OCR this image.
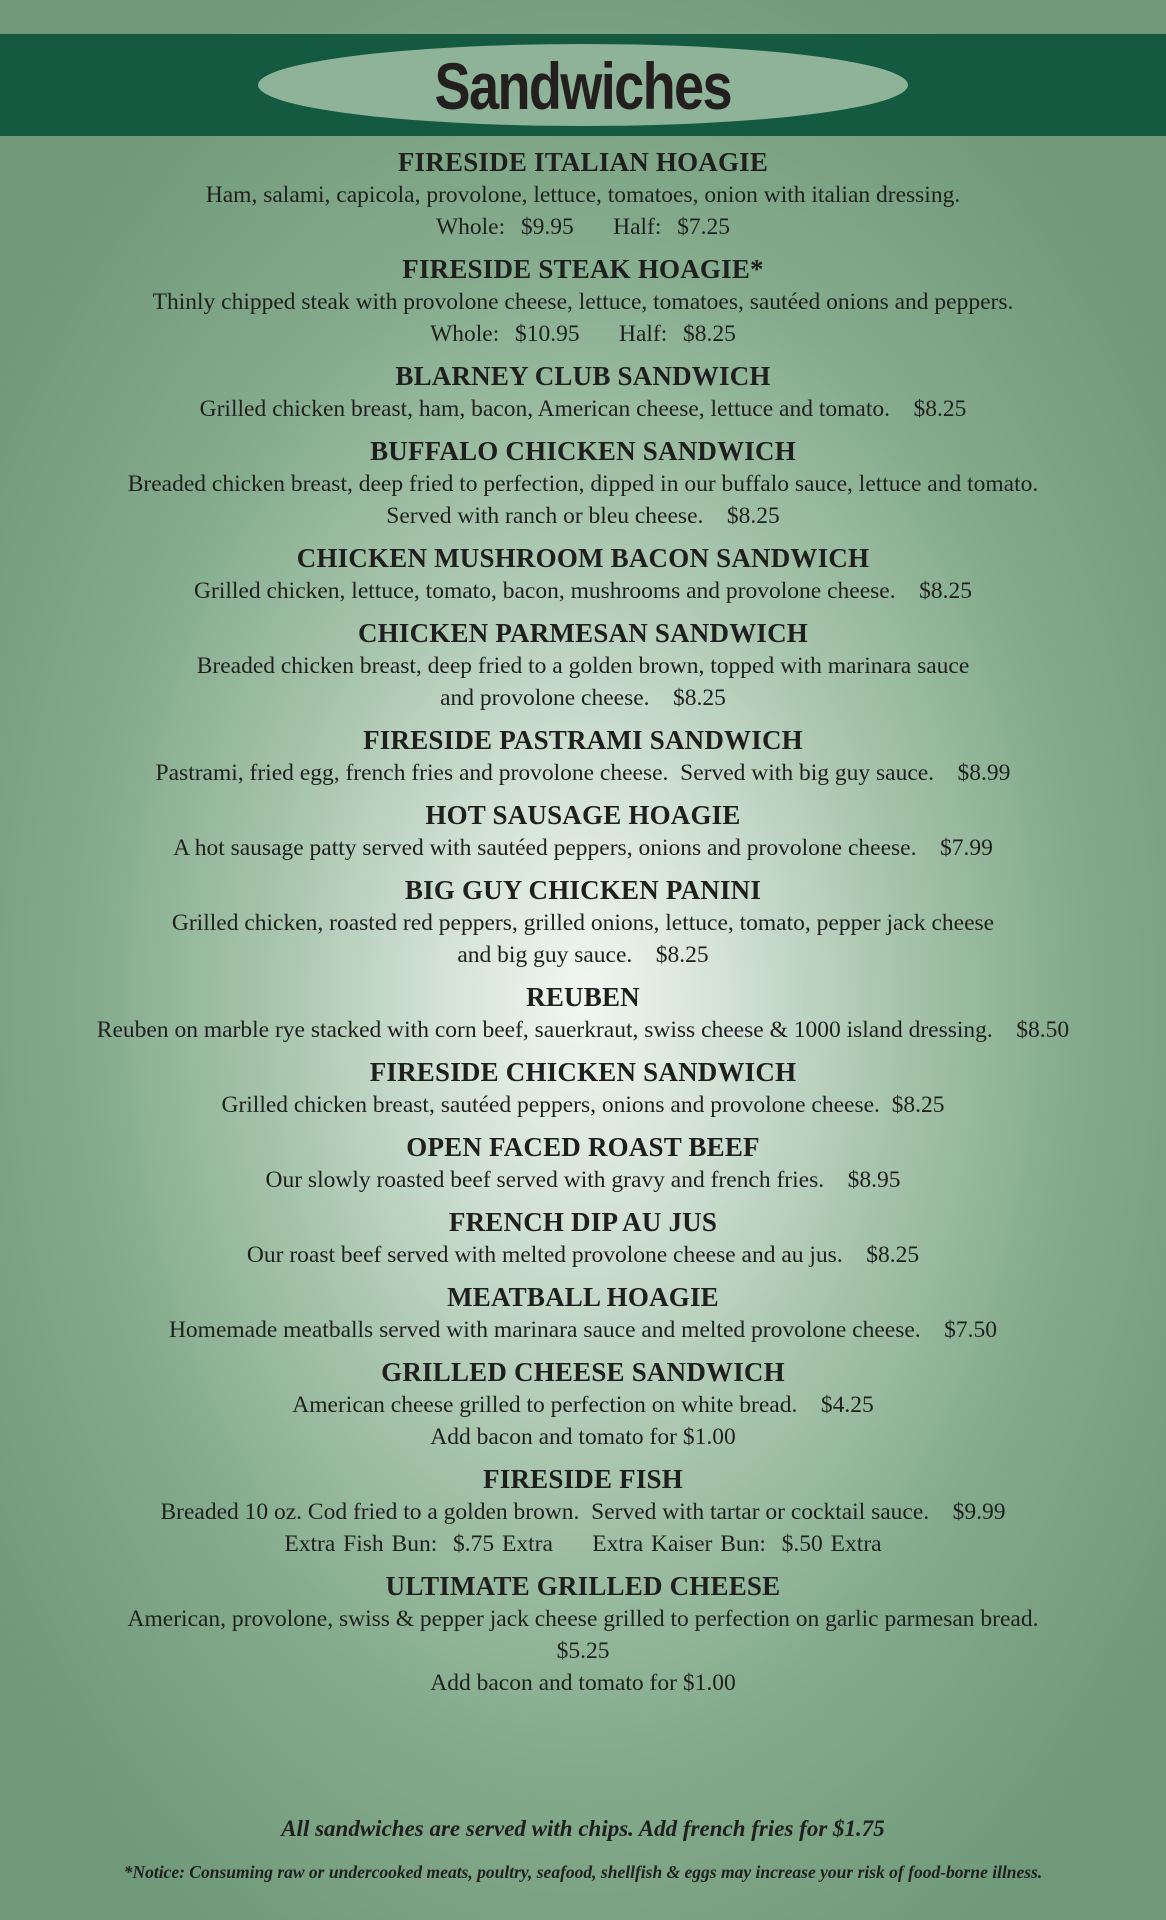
Sandwiches
FIRESIDE ITALIAN HOAGIE
Ham, salami, capicola, provolone, lettuce, tomatoes, onion with italian dressing.
Whole:  $9.95     Half:  $7.25
FIRESIDE STEAK HOAGIE*
Thinly chipped steak with provolone cheese, lettuce, tomatoes, sautéed onions and peppers.
Whole:  $10.95     Half:  $8.25
BLARNEY CLUB SANDWICH
Grilled chicken breast, ham, bacon, American cheese, lettuce and tomato.    $8.25
BUFFALO CHICKEN SANDWICH
Breaded chicken breast, deep fried to perfection, dipped in our buffalo sauce, lettuce and tomato.
Served with ranch or bleu cheese.    $8.25
CHICKEN MUSHROOM BACON SANDWICH
Grilled chicken, lettuce, tomato, bacon, mushrooms and provolone cheese.    $8.25
CHICKEN PARMESAN SANDWICH
Breaded chicken breast, deep fried to a golden brown, topped with marinara sauce
and provolone cheese.    $8.25
FIRESIDE PASTRAMI SANDWICH
Pastrami, fried egg, french fries and provolone cheese.  Served with big guy sauce.    $8.99
HOT SAUSAGE HOAGIE
A hot sausage patty served with sautéed peppers, onions and provolone cheese.    $7.99
BIG GUY CHICKEN PANINI
Grilled chicken, roasted red peppers, grilled onions, lettuce, tomato, pepper jack cheese
and big guy sauce.    $8.25
REUBEN
Reuben on marble rye stacked with corn beef, sauerkraut, swiss cheese & 1000 island dressing.    $8.50
FIRESIDE CHICKEN SANDWICH
Grilled chicken breast, sautéed peppers, onions and provolone cheese.  $8.25
OPEN FACED ROAST BEEF
Our slowly roasted beef served with gravy and french fries.    $8.95
FRENCH DIP AU JUS
Our roast beef served with melted provolone cheese and au jus.    $8.25
MEATBALL HOAGIE
Homemade meatballs served with marinara sauce and melted provolone cheese.    $7.50
GRILLED CHEESE SANDWICH
American cheese grilled to perfection on white bread.    $4.25
Add bacon and tomato for $1.00
FIRESIDE FISH
Breaded 10 oz. Cod fried to a golden brown.  Served with tartar or cocktail sauce.    $9.99
Extra Fish Bun:  $.75 Extra     Extra Kaiser Bun:  $.50 Extra
ULTIMATE GRILLED CHEESE
American, provolone, swiss & pepper jack cheese grilled to perfection on garlic parmesan bread.
$5.25
Add bacon and tomato for $1.00
All sandwiches are served with chips. Add french fries for $1.75
*Notice: Consuming raw or undercooked meats, poultry, seafood, shellfish & eggs may increase your risk of food-borne illness.
